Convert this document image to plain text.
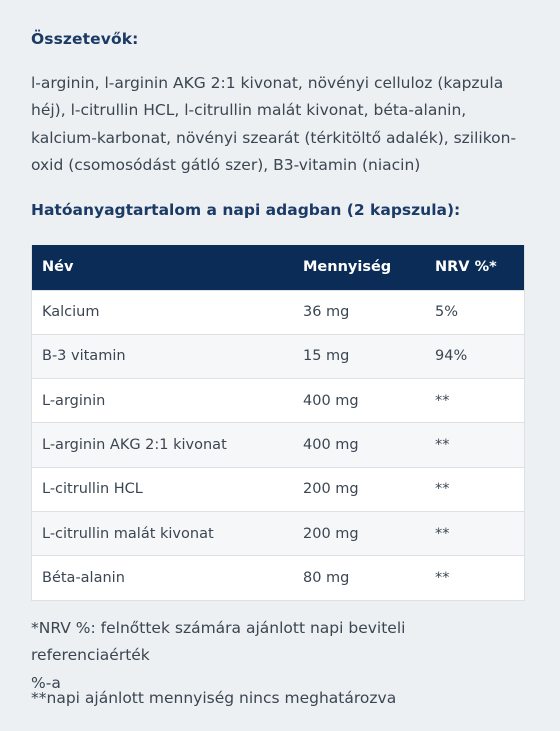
Összetevők:

l-arginin, l-arginin AKG 2:1 kivonat, növényi celluloz (kapzula
héj), l-citrullin HCL, l-citrullin malát kivonat, béta-alanin,
kalcium-karbonat, növényi szearát (térkitöltő adalék), szilikon-
oxid (csomosódást gátló szer), B3-vitamin (niacin)

Hatóanyagtartalom a napi adagban (2 kapszula):
Név	Mennyiség	NRV %*
Kalcium	36 mg	5%
B-3 vitamin	15 mg	94%
L-arginin	400 mg	**
L-arginin AKG 2:1 kivonat	400 mg	**
L-citrullin HCL	200 mg	**
L-citrullin malát kivonat	200 mg	**
Béta-alanin	80 mg	**

*NRV %: felnőttek számára ajánlott napi beviteli referenciaérték
%-a

**napi ajánlott mennyiség nincs meghatározva
